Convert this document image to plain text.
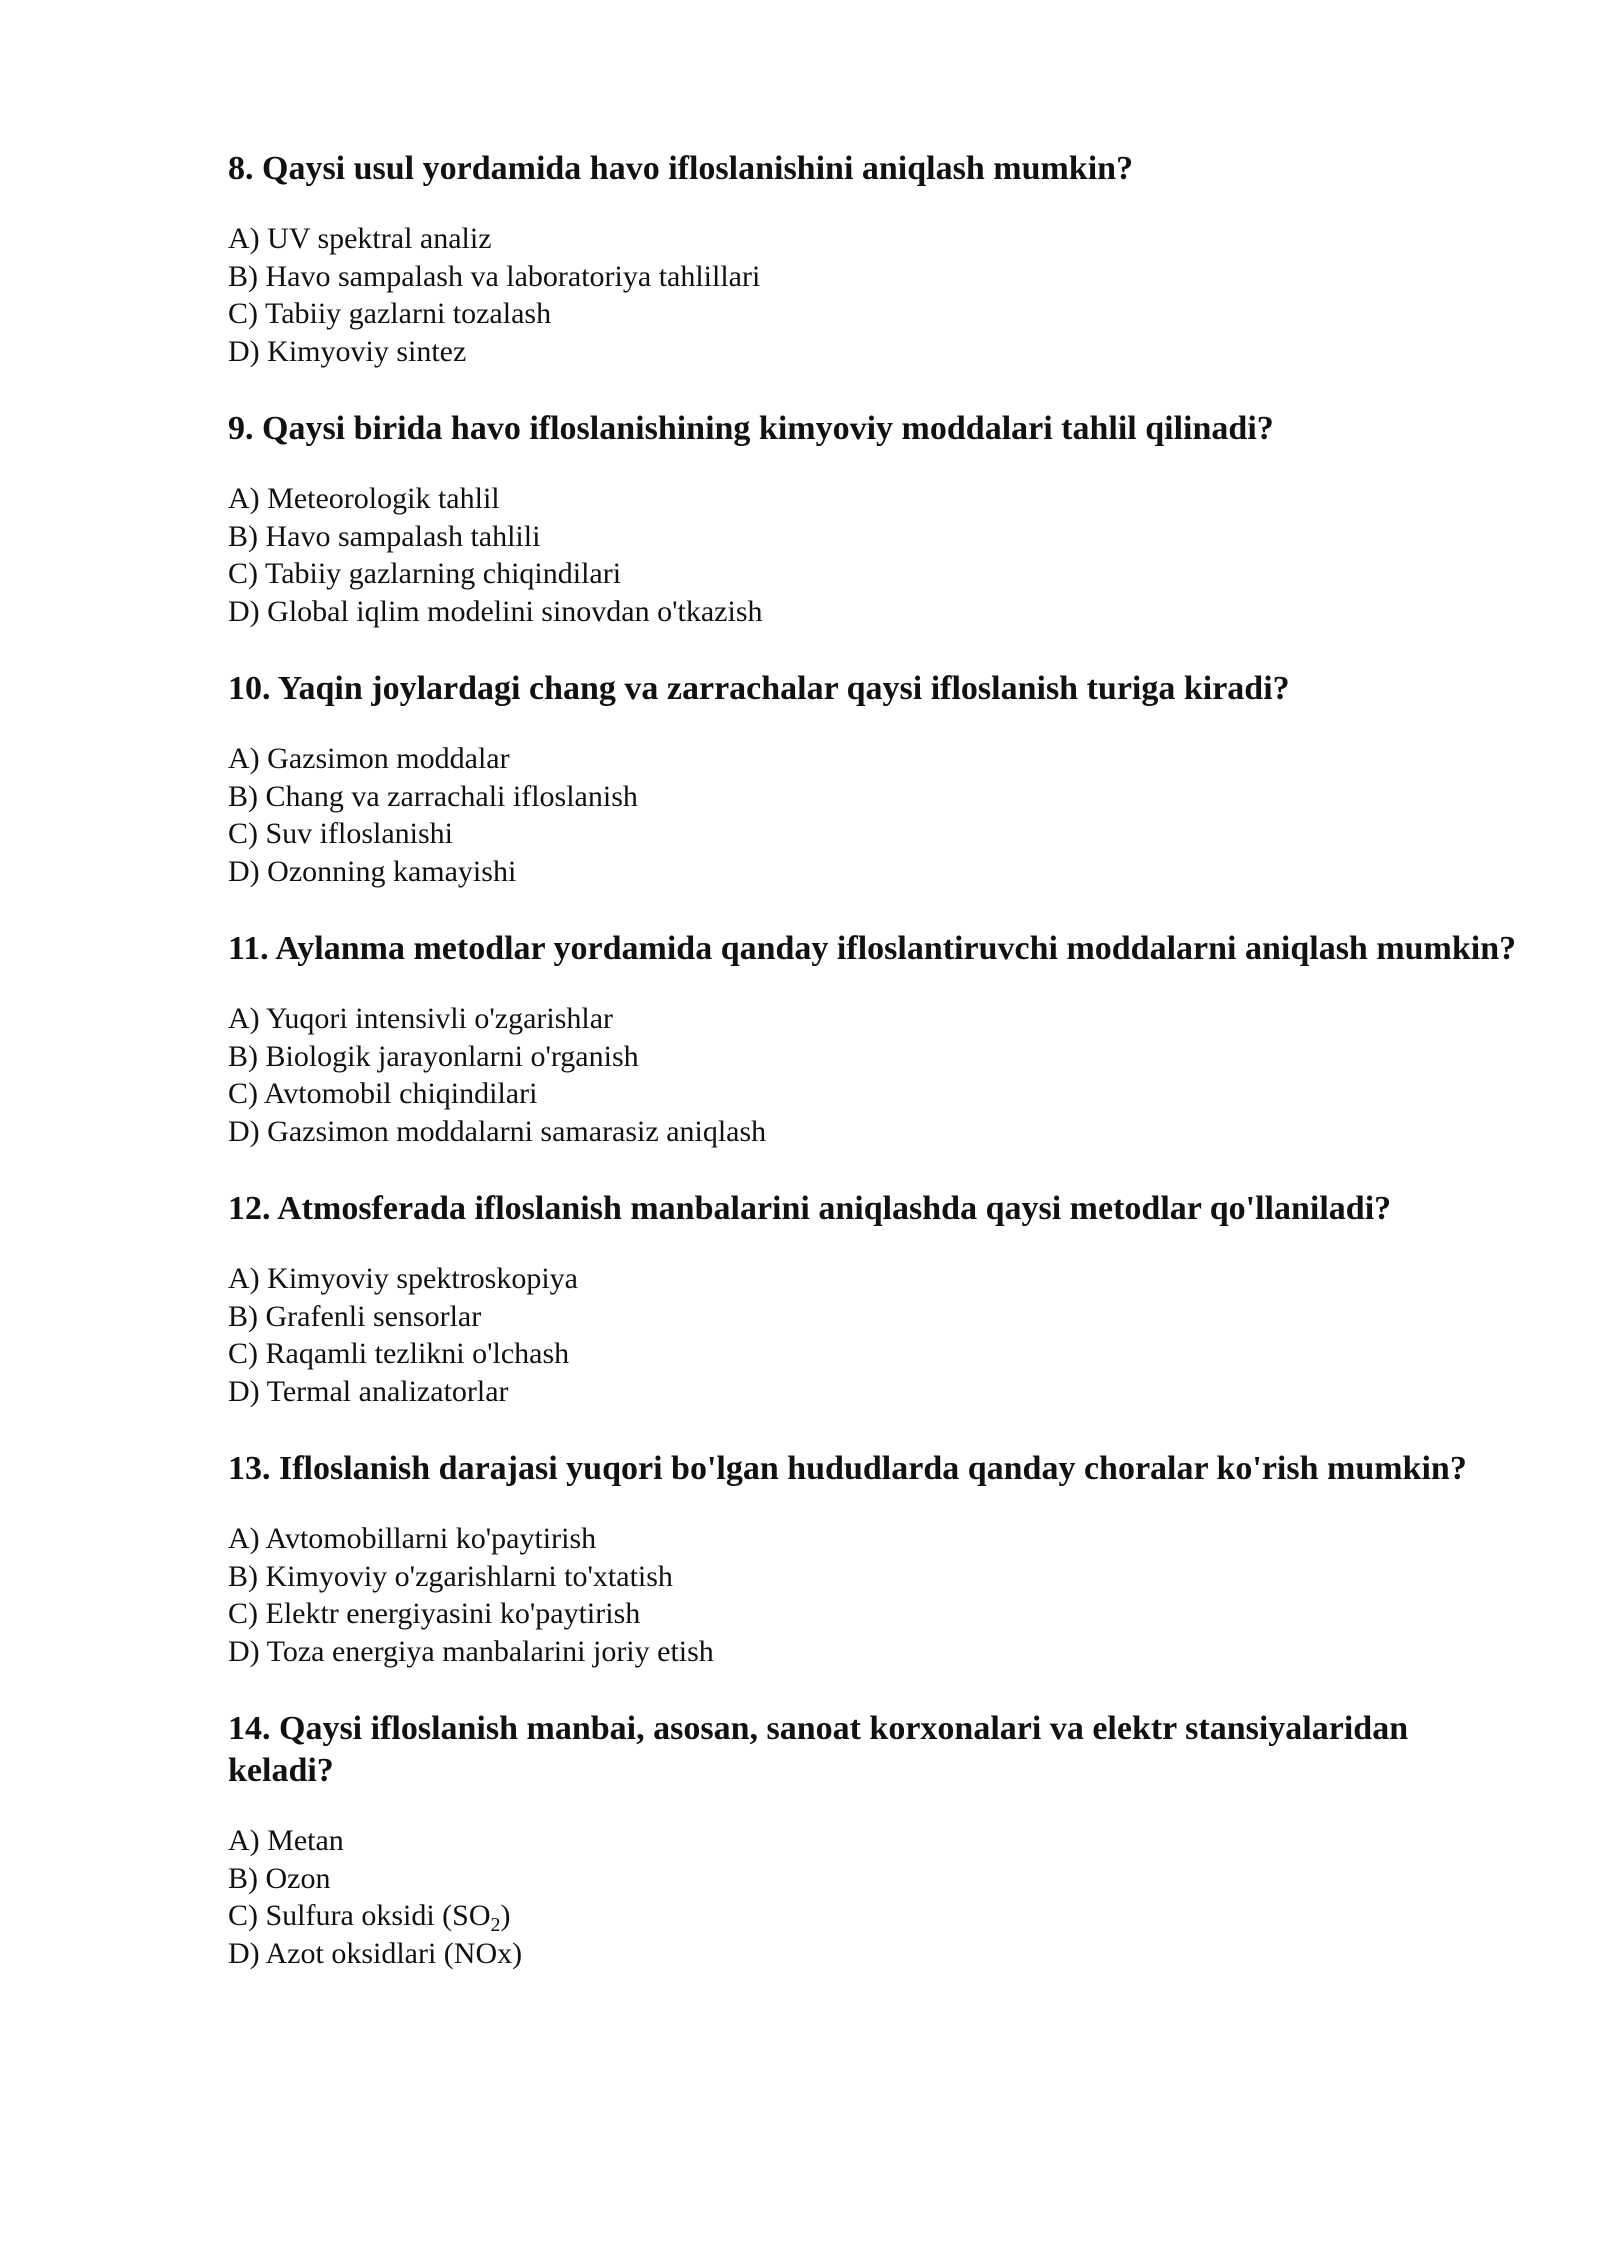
8. Qaysi usul yordamida havo ifloslanishini aniqlash mumkin?
A) UV spektral analiz
B) Havo sampalash va laboratoriya tahlillari
C) Tabiiy gazlarni tozalash
D) Kimyoviy sintez
9. Qaysi birida havo ifloslanishining kimyoviy moddalari tahlil qilinadi?
A) Meteorologik tahlil
B) Havo sampalash tahlili
C) Tabiiy gazlarning chiqindilari
D) Global iqlim modelini sinovdan o'tkazish
10. Yaqin joylardagi chang va zarrachalar qaysi ifloslanish turiga kiradi?
A) Gazsimon moddalar
B) Chang va zarrachali ifloslanish
C) Suv ifloslanishi
D) Ozonning kamayishi
11. Aylanma metodlar yordamida qanday ifloslantiruvchi moddalarni aniqlash mumkin?
A) Yuqori intensivli o'zgarishlar
B) Biologik jarayonlarni o'rganish
C) Avtomobil chiqindilari
D) Gazsimon moddalarni samarasiz aniqlash
12. Atmosferada ifloslanish manbalarini aniqlashda qaysi metodlar qo'llaniladi?
A) Kimyoviy spektroskopiya
B) Grafenli sensorlar
C) Raqamli tezlikni o'lchash
D) Termal analizatorlar
13. Ifloslanish darajasi yuqori bo'lgan hududlarda qanday choralar ko'rish mumkin?
A) Avtomobillarni ko'paytirish
B) Kimyoviy o'zgarishlarni to'xtatish
C) Elektr energiyasini ko'paytirish
D) Toza energiya manbalarini joriy etish
14. Qaysi ifloslanish manbai, asosan, sanoat korxonalari va elektr stansiyalaridan keladi?
A) Metan
B) Ozon
C) Sulfura oksidi $(SO_2)$
D) Azot oksidlari (NOx)
